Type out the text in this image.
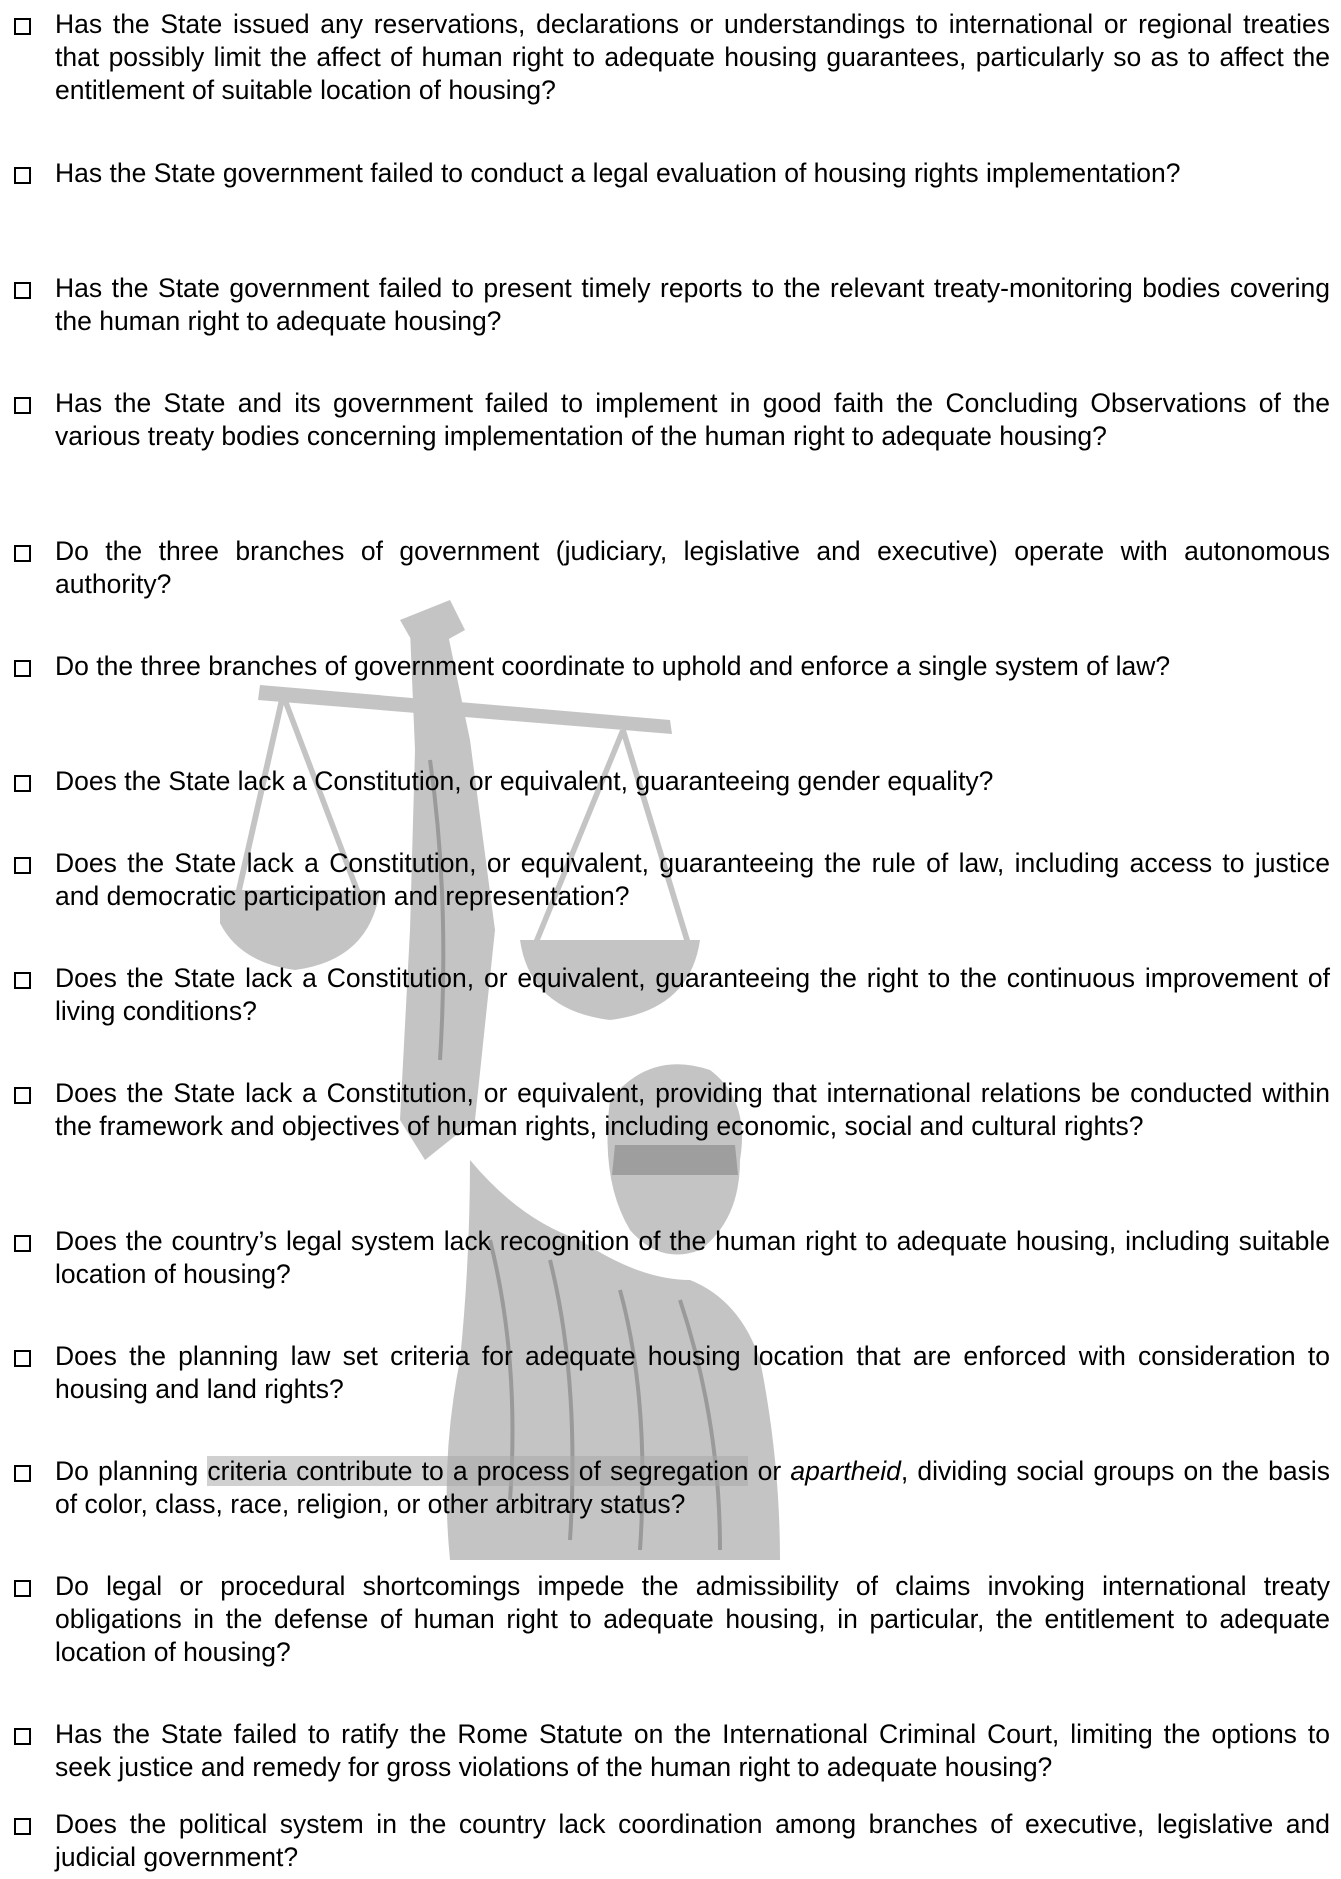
Has the State issued any reservations, declarations or understandings to international or regional treaties that possibly limit the affect of human right to adequate housing guarantees, particularly so as to affect the entitlement of suitable location of housing?
Has the State government failed to conduct a legal evaluation of housing rights implementation?
Has the State government failed to present timely reports to the relevant treaty-monitoring bodies covering the human right to adequate housing?
Has the State and its government failed to implement in good faith the Concluding Observations of the various treaty bodies concerning implementation of the human right to adequate housing?
Do the three branches of government (judiciary, legislative and executive) operate with autonomous authority?
Do the three branches of government coordinate to uphold and enforce a single system of law?
Does the State lack a Constitution, or equivalent, guaranteeing gender equality?
Does the State lack a Constitution, or equivalent, guaranteeing the rule of law, including access to justice and democratic participation and representation?
Does the State lack a Constitution, or equivalent, guaranteeing the right to the continuous improvement of living conditions?
Does the State lack a Constitution, or equivalent, providing that international relations be conducted within the framework and objectives of human rights, including economic, social and cultural rights?
Does the country’s legal system lack recognition of the human right to adequate housing, including suitable location of housing?
Does the planning law set criteria for adequate housing location that are enforced with consideration to housing and land rights?
Do planning criteria contribute to a process of segregation or apartheid, dividing social groups on the basis of color, class, race, religion, or other arbitrary status?
Do legal or procedural shortcomings impede the admissibility of claims invoking international treaty obligations in the defense of human right to adequate housing, in particular, the entitlement to adequate location of housing?
Has the State failed to ratify the Rome Statute on the International Criminal Court, limiting the options to seek justice and remedy for gross violations of the human right to adequate housing?
Does the political system in the country lack coordination among branches of executive, legislative and judicial government?
